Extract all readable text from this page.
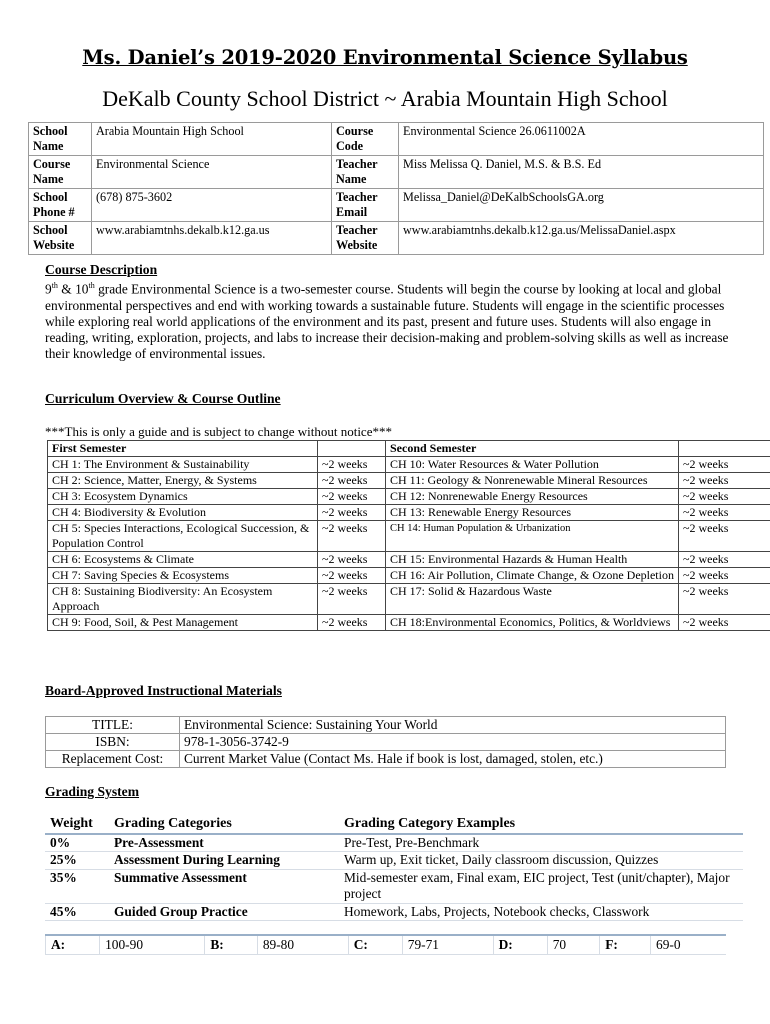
Ms. Daniel’s 2019-2020 Environmental Science Syllabus
DeKalb County School District ~ Arabia Mountain High School
School Name	Arabia Mountain High School	Course Code	Environmental Science 26.0611002A
Course Name	Environmental Science	Teacher Name	Miss Melissa Q. Daniel, M.S. & B.S. Ed
School Phone #	(678) 875-3602	Teacher Email	Melissa_Daniel@DeKalbSchoolsGA.org
School Website	www.arabiamtnhs.dekalb.k12.ga.us	Teacher Website	www.arabiamtnhs.dekalb.k12.ga.us/MelissaDaniel.aspx
Course Description
9th & 10th grade Environmental Science is a two-semester course. Students will begin the course by looking at local and global environmental perspectives and end with working towards a sustainable future. Students will engage in the scientific processes while exploring real world applications of the environment and its past, present and future uses. Students will also engage in reading, writing, exploration, projects, and labs to increase their decision-making and problem-solving skills as well as increase their knowledge of environmental issues.
Curriculum Overview & Course Outline
***This is only a guide and is subject to change without notice***
First Semester		Second Semester	
CH 1: The Environment & Sustainability	~2 weeks	CH 10: Water Resources & Water Pollution	~2 weeks
CH 2: Science, Matter, Energy, & Systems	~2 weeks	CH 11: Geology & Nonrenewable Mineral Resources	~2 weeks
CH 3: Ecosystem Dynamics	~2 weeks	CH 12: Nonrenewable Energy Resources	~2 weeks
CH 4: Biodiversity & Evolution	~2 weeks	CH 13: Renewable Energy Resources	~2 weeks
CH 5: Species Interactions, Ecological Succession, & Population Control	~2 weeks	CH 14: Human Population & Urbanization	~2 weeks
CH 6: Ecosystems & Climate	~2 weeks	CH 15: Environmental Hazards & Human Health	~2 weeks
CH 7: Saving Species & Ecosystems	~2 weeks	CH 16: Air Pollution, Climate Change, & Ozone Depletion	~2 weeks
CH 8: Sustaining Biodiversity: An Ecosystem Approach	~2 weeks	CH 17: Solid & Hazardous Waste	~2 weeks
CH 9: Food, Soil, & Pest Management	~2 weeks	CH 18:Environmental Economics, Politics, & Worldviews	~2 weeks
Board-Approved Instructional Materials
TITLE:	Environmental Science: Sustaining Your World
ISBN:	978-1-3056-3742-9
Replacement Cost:	Current Market Value (Contact Ms. Hale if book is lost, damaged, stolen, etc.)
Grading System
Weight	Grading Categories	Grading Category Examples
0%	Pre-Assessment	Pre-Test, Pre-Benchmark
25%	Assessment During Learning	Warm up, Exit ticket, Daily classroom discussion, Quizzes
35%	Summative Assessment	Mid-semester exam, Final exam, EIC project, Test (unit/chapter), Major project
45%	Guided Group Practice	Homework, Labs, Projects, Notebook checks, Classwork
A:	100-90	B:	89-80	C:	79-71	D:	70	F:	69-0
